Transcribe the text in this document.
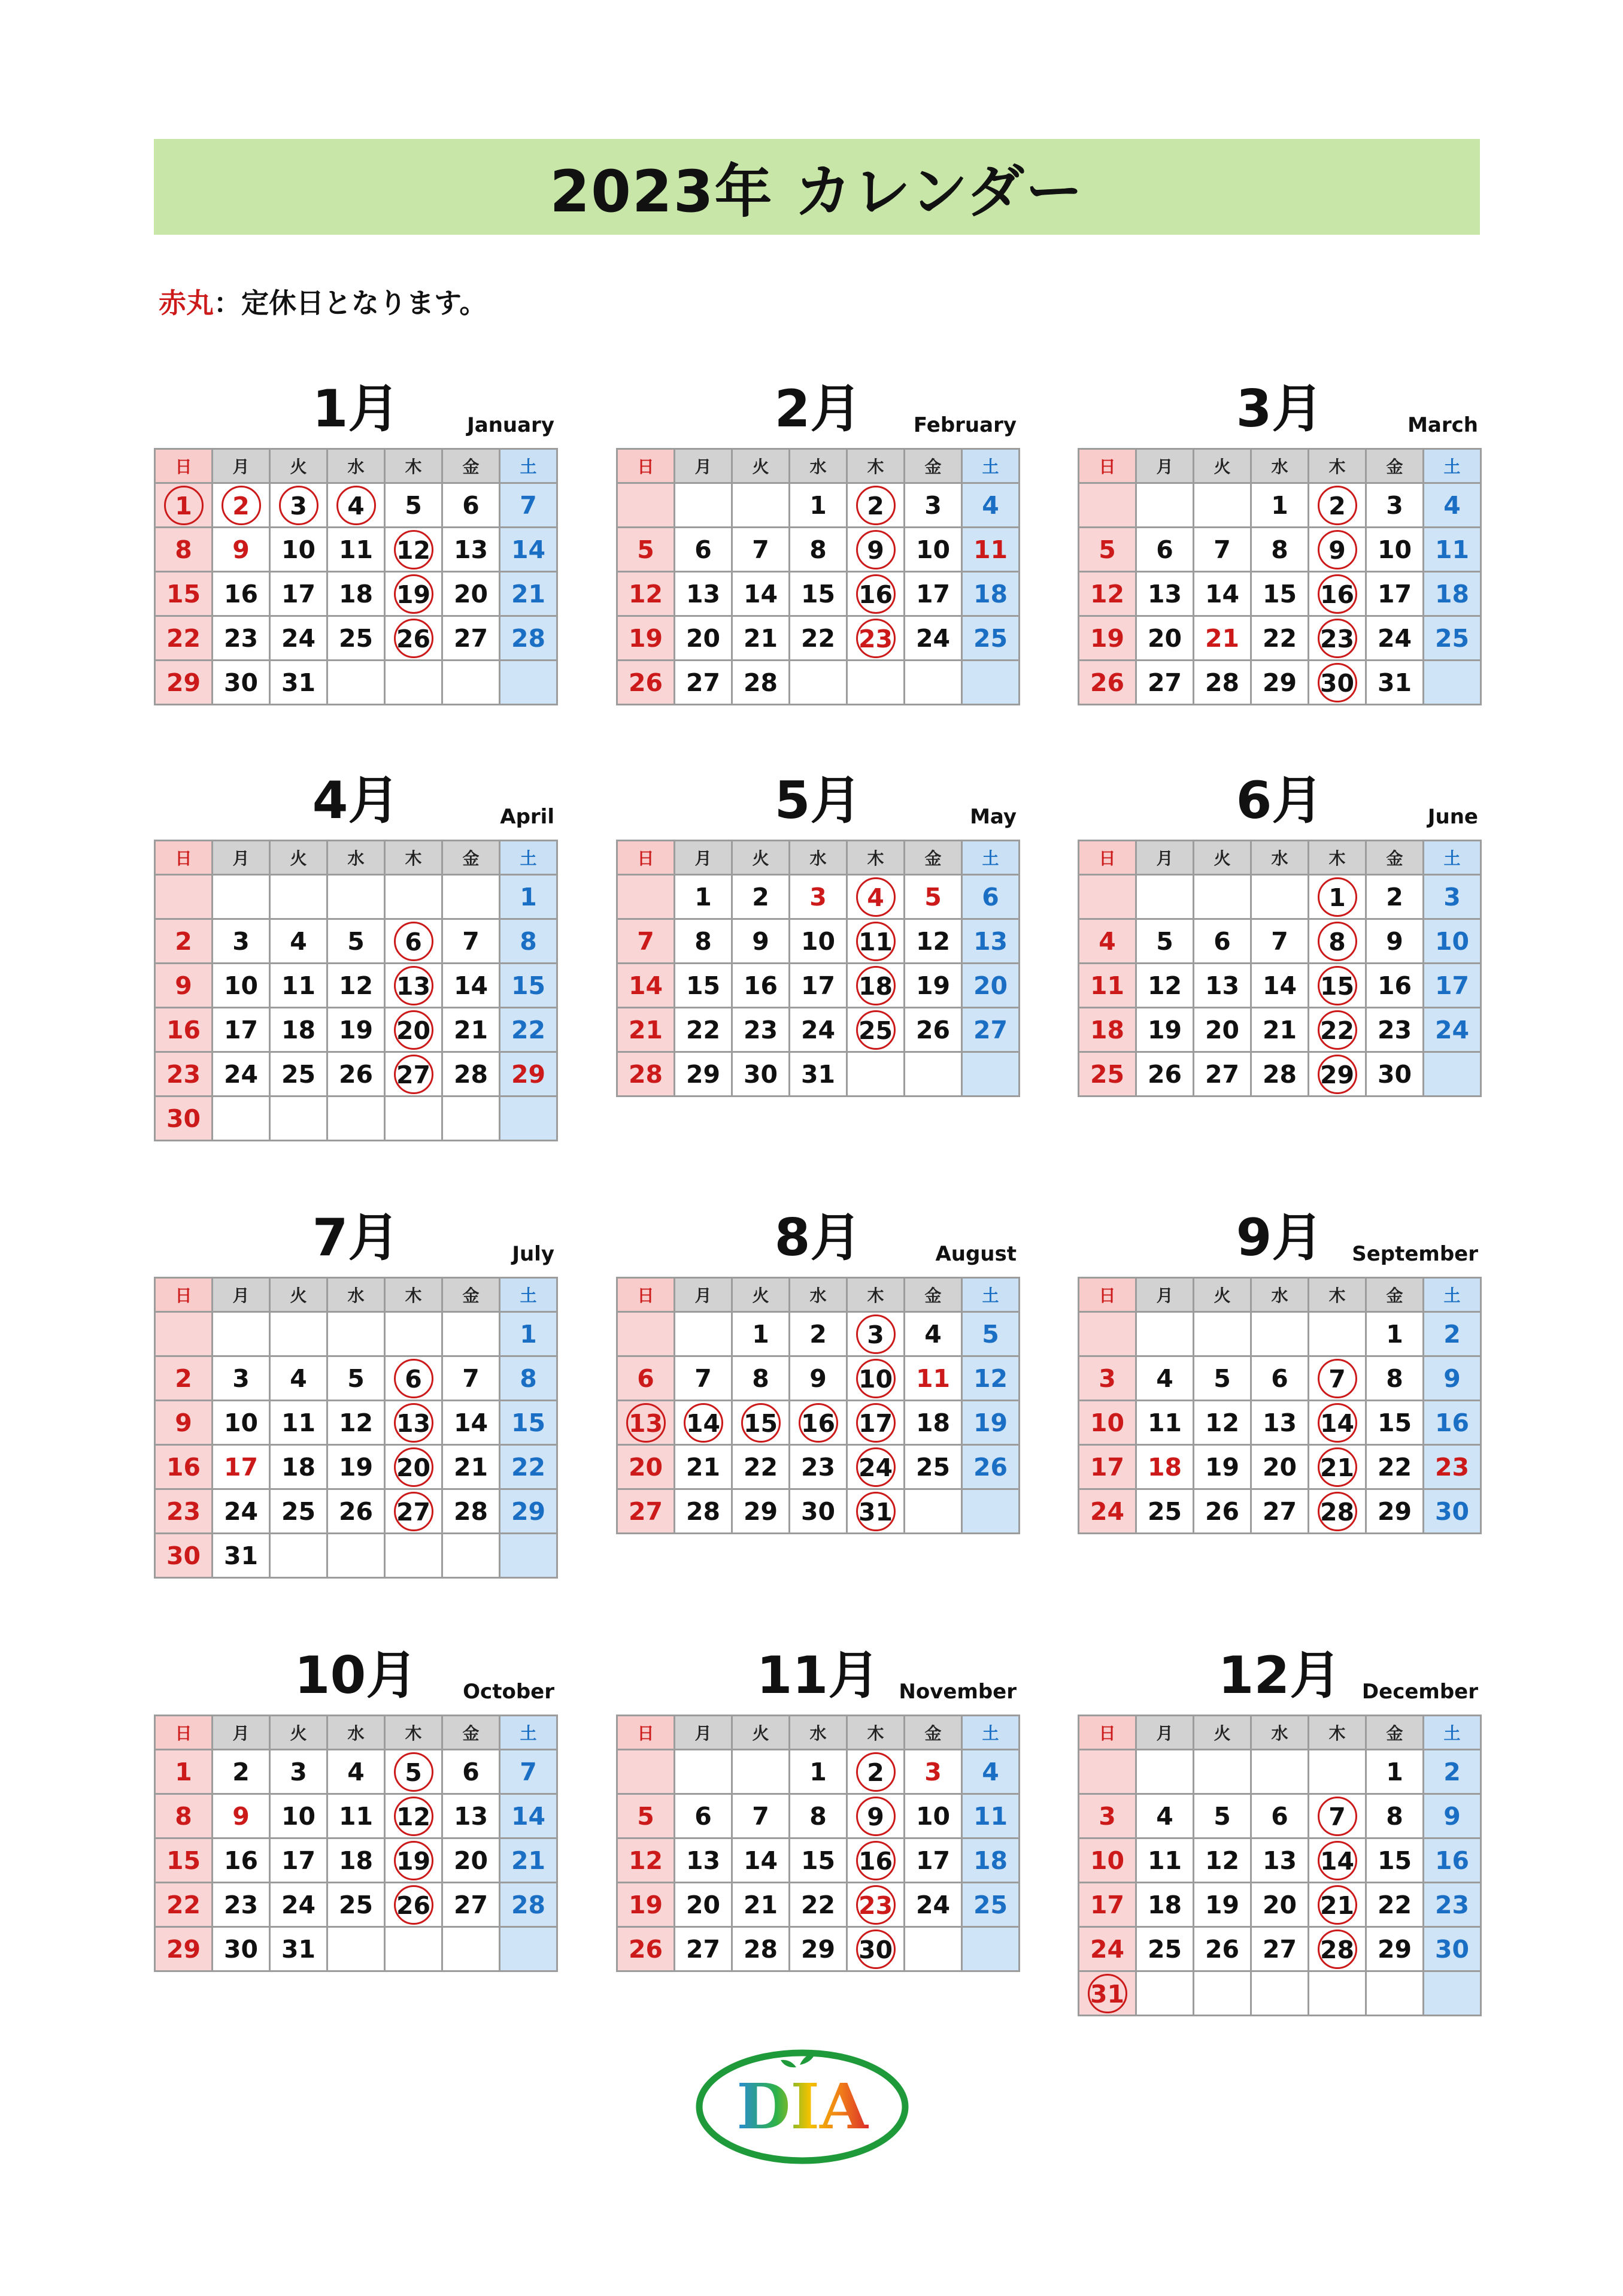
2023年 カレンダー
赤丸：定休日となります。
1月	January
日	月	火	水	木	金	土
1	2	3	4	5	6	7
8	9	10	11	12	13	14
15	16	17	18	19	20	21
22	23	24	25	26	27	28
29	30	31				
2月	February
日	月	火	水	木	金	土
			1	2	3	4
5	6	7	8	9	10	11
12	13	14	15	16	17	18
19	20	21	22	23	24	25
26	27	28				
3月	March
日	月	火	水	木	金	土
			1	2	3	4
5	6	7	8	9	10	11
12	13	14	15	16	17	18
19	20	21	22	23	24	25
26	27	28	29	30	31	
4月	April
日	月	火	水	木	金	土
						1
2	3	4	5	6	7	8
9	10	11	12	13	14	15
16	17	18	19	20	21	22
23	24	25	26	27	28	29
30						
5月	May
日	月	火	水	木	金	土
	1	2	3	4	5	6
7	8	9	10	11	12	13
14	15	16	17	18	19	20
21	22	23	24	25	26	27
28	29	30	31			
6月	June
日	月	火	水	木	金	土
				1	2	3
4	5	6	7	8	9	10
11	12	13	14	15	16	17
18	19	20	21	22	23	24
25	26	27	28	29	30	
7月	July
日	月	火	水	木	金	土
						1
2	3	4	5	6	7	8
9	10	11	12	13	14	15
16	17	18	19	20	21	22
23	24	25	26	27	28	29
30	31					
8月	August
日	月	火	水	木	金	土
		1	2	3	4	5
6	7	8	9	10	11	12
13	14	15	16	17	18	19
20	21	22	23	24	25	26
27	28	29	30	31		
9月	September
日	月	火	水	木	金	土
					1	2
3	4	5	6	7	8	9
10	11	12	13	14	15	16
17	18	19	20	21	22	23
24	25	26	27	28	29	30
10月	October
日	月	火	水	木	金	土
1	2	3	4	5	6	7
8	9	10	11	12	13	14
15	16	17	18	19	20	21
22	23	24	25	26	27	28
29	30	31				
11月 November
日	月	火	水	木	金	土
			1	2	3	4
5	6	7	8	9	10	11
12	13	14	15	16	17	18
19	20	21	22	23	24	25
26	27	28	29	30		
12月	December
日	月	火	水	木	金	土
					1	2
3	4	5	6	7	8	9
10	11	12	13	14	15	16
17	18	19	20	21	22	23
24	25	26	27	28	29	30
31						
DIA
